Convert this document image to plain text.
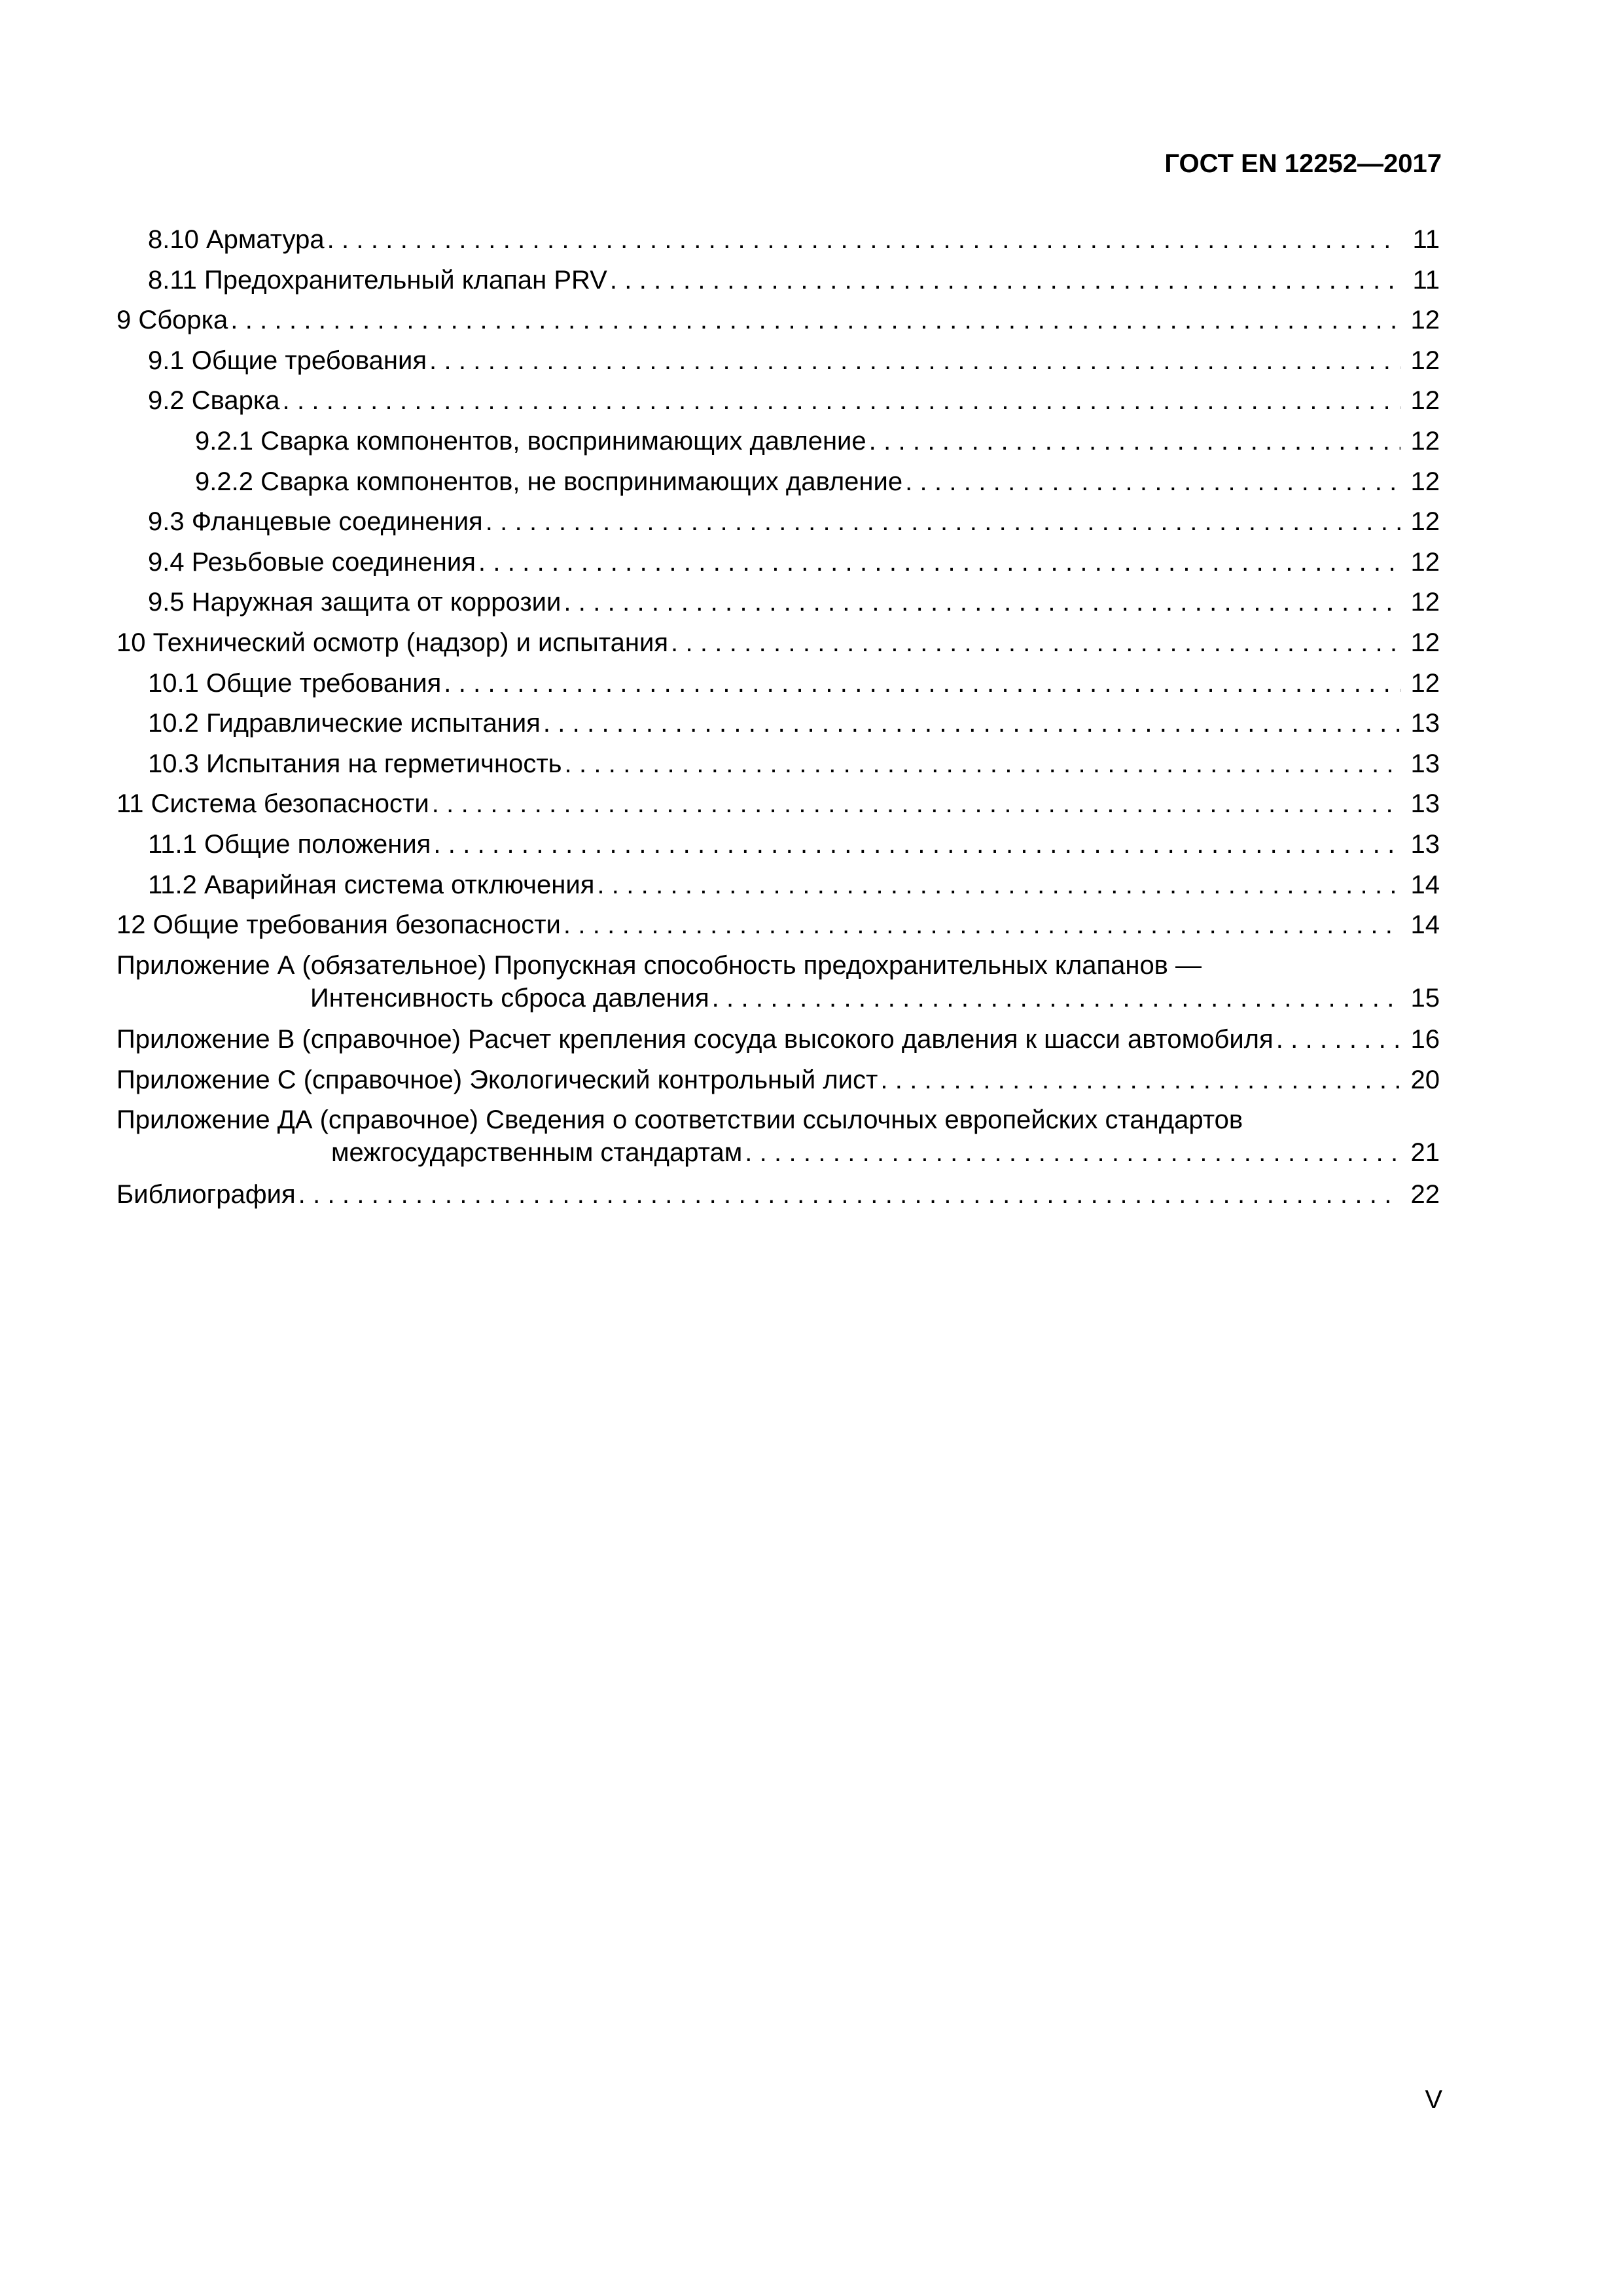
ГОСТ EN 12252—2017
8.10 Арматура . . .	11
8.11 Предохранительный клапан PRV . . .	11
9 Сборка . . .	12
9.1 Общие требования . . .	12
9.2 Сварка . . .	12
9.2.1 Сварка компонентов, воспринимающих давление . . .	12
9.2.2 Сварка компонентов, не воспринимающих давление . . .	12
9.3 Фланцевые соединения . . .	12
9.4 Резьбовые соединения . . .	12
9.5 Наружная защита от коррозии . . .	12
10 Технический осмотр (надзор) и испытания . . .	12
10.1 Общие требования . . .	12
10.2 Гидравлические испытания . . .	13
10.3 Испытания на герметичность . . .	13
11 Система безопасности . . .	13
11.1 Общие положения . . .	13
11.2 Аварийная система отключения . . .	14
12 Общие требования безопасности . . .	14
Приложение А (обязательное) Пропускная способность предохранительных клапанов —
Интенсивность сброса давления . . .	15
Приложение В (справочное) Расчет крепления сосуда высокого давления к шасси автомобиля . . .	16
Приложение С (справочное) Экологический контрольный лист . . .	20
Приложение ДА (справочное) Сведения о соответствии ссылочных европейских стандартов
межгосударственным стандартам . . .	21
Библиография . . .	22
V
